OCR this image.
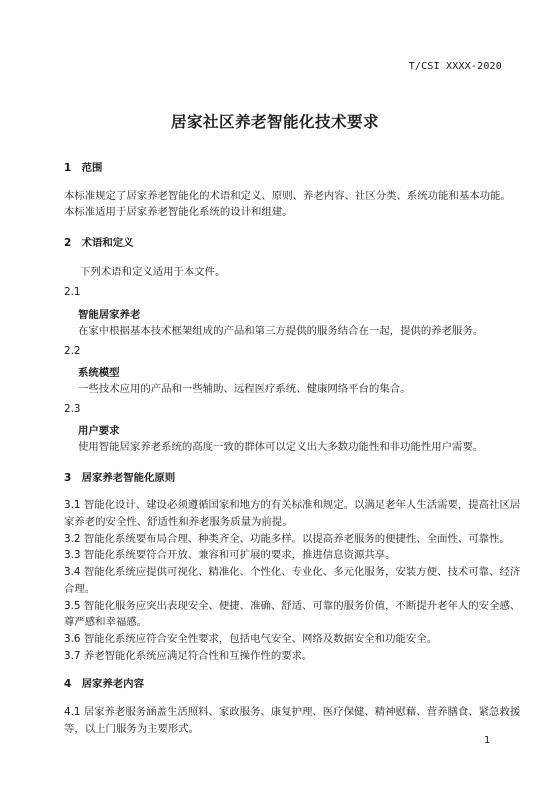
T/CSI XXXX-2020
居家社区养老智能化技术要求
1 范围
本标准规定了居家养老智能化的术语和定义、原则、养老内容、社区分类、系统功能和基本功能。
本标准适用于居家养老智能化系统的设计和组建。
2 术语和定义
下列术语和定义适用于本文件。
2.1
智能居家养老
在家中根据基本技术框架组成的产品和第三方提供的服务结合在一起，提供的养老服务。
2.2
系统模型
一些技术应用的产品和一些辅助、远程医疗系统、健康网络平台的集合。
2.3
用户要求
使用智能居家养老系统的高度一致的群体可以定义出大多数功能性和非功能性用户需要。
3 居家养老智能化原则
3.1 智能化设计、建设必须遵循国家和地方的有关标准和规定。以满足老年人生活需要，提高社区居
家养老的安全性、舒适性和养老服务质量为前提。
3.2 智能化系统要布局合理、种类齐全、功能多样。以提高养老服务的便捷性、全面性、可靠性。
3.3 智能化系统要符合开放、兼容和可扩展的要求，推进信息资源共享。
3.4 智能化系统应提供可视化、精准化、个性化、专业化、多元化服务，安装方便、技术可靠、经济
合理。
3.5 智能化服务应突出表现安全、便捷、准确、舒适、可靠的服务价值，不断提升老年人的安全感、
尊严感和幸福感。
3.6 智能化系统应符合安全性要求，包括电气安全、网络及数据安全和功能安全。
3.7 养老智能化系统应满足符合性和互操作性的要求。
4 居家养老内容
4.1 居家养老服务涵盖生活照料、家政服务、康复护理、医疗保健、精神慰藉、营养膳食、紧急救援
等，以上门服务为主要形式。
1
